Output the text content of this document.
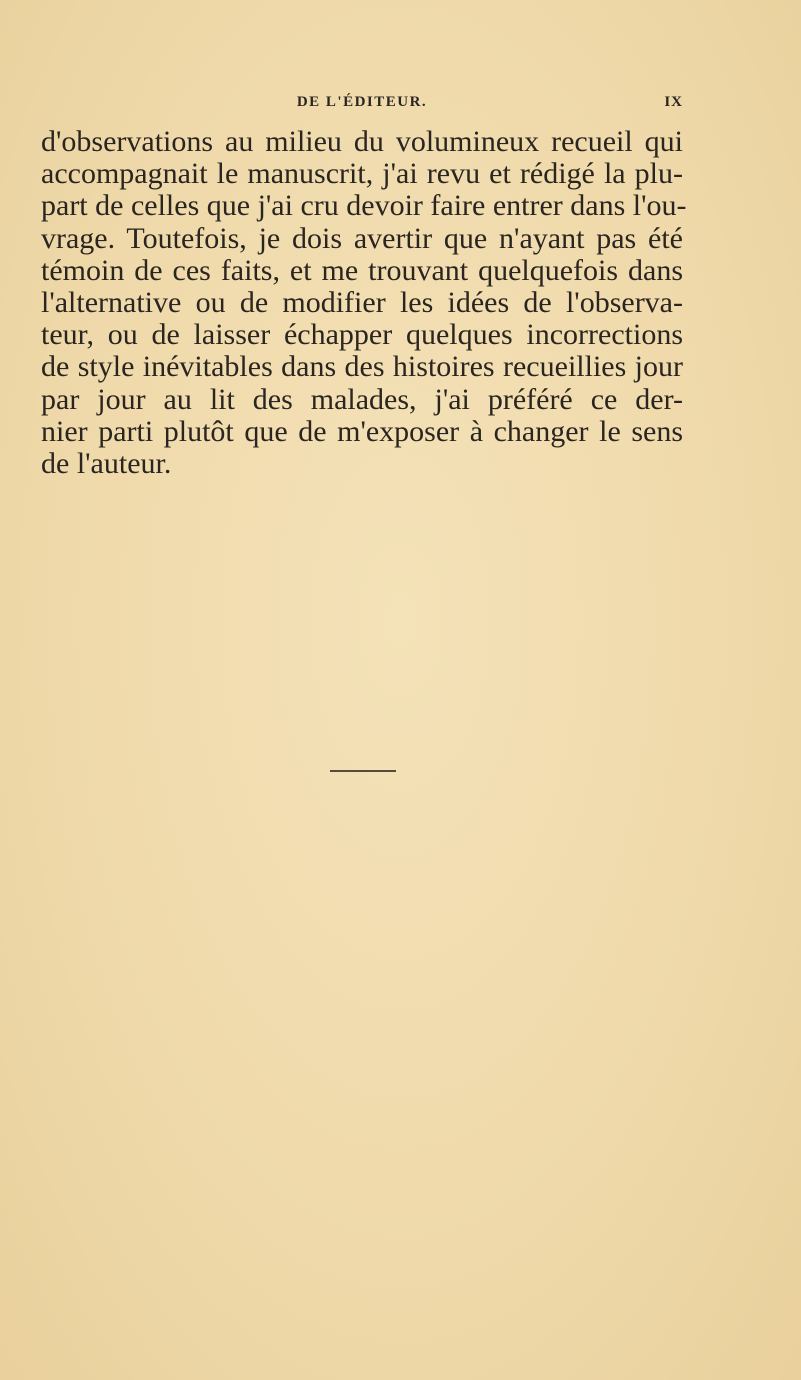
DE L'ÉDITEUR.	IX

d'observations au milieu du volumineux recueil qui
accompagnait le manuscrit, j'ai revu et rédigé la plu-
part de celles que j'ai cru devoir faire entrer dans l'ou-
vrage. Toutefois, je dois avertir que n'ayant pas été
témoin de ces faits, et me trouvant quelquefois dans
l'alternative ou de modifier les idées de l'observa-
teur, ou de laisser échapper quelques incorrections
de style inévitables dans des histoires recueillies jour
par jour au lit des malades, j'ai préféré ce der-
nier parti plutôt que de m'exposer à changer le sens
de l'auteur.
